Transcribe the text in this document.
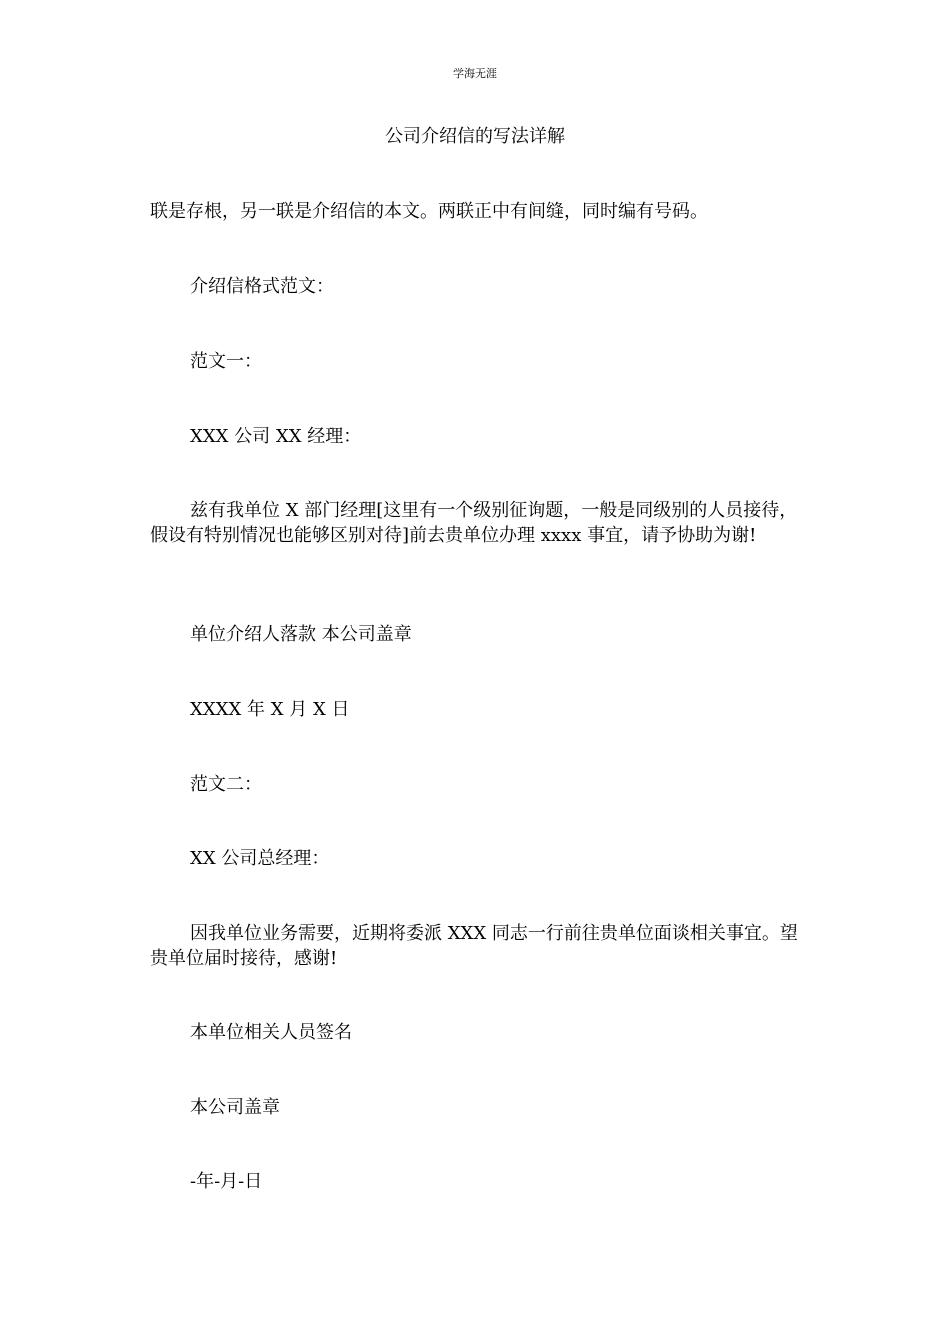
学海无涯
公司介绍信的写法详解

联是存根，另一联是介绍信的本文。两联正中有间缝，同时编有号码。

介绍信格式范文：

范文一：

XXX 公司 XX 经理：

兹有我单位 X 部门经理[这里有一个级别征询题，一般是同级别的人员接待，假设有特别情况也能够区别对待]前去贵单位办理 xxxx 事宜，请予协助为谢!

单位介绍人落款 本公司盖章

XXXX 年 X 月 X 日

范文二：

XX 公司总经理：

因我单位业务需要，近期将委派 XXX 同志一行前往贵单位面谈相关事宜。望贵单位届时接待，感谢!

本单位相关人员签名

本公司盖章

-年-月-日
